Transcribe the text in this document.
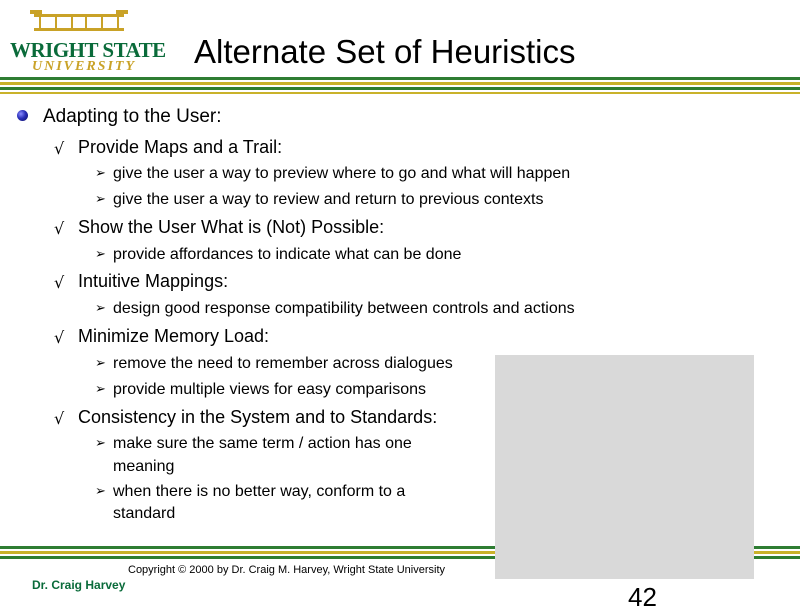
WRIGHT STATE
UNIVERSITY Alternate Set of Heuristics
Adapting to the User:
√ Provide Maps and a Trail:
➢ give the user a way to preview where to go and what will happen
➢ give the user a way to review and return to previous contexts
√ Show the User What is (Not) Possible:
➢ provide affordances to indicate what can be done
√ Intuitive Mappings:
➢ design good response compatibility between controls and actions
√ Minimize Memory Load:
➢ remove the need to remember across dialogues
➢ provide multiple views for easy comparisons
√ Consistency in the System and to Standards:
➢ make sure the same term / action has one
meaning
➢ when there is no better way, conform to a
standard
Copyright © 2000 by Dr. Craig M. Harvey, Wright State University
Dr. Craig Harvey	42
